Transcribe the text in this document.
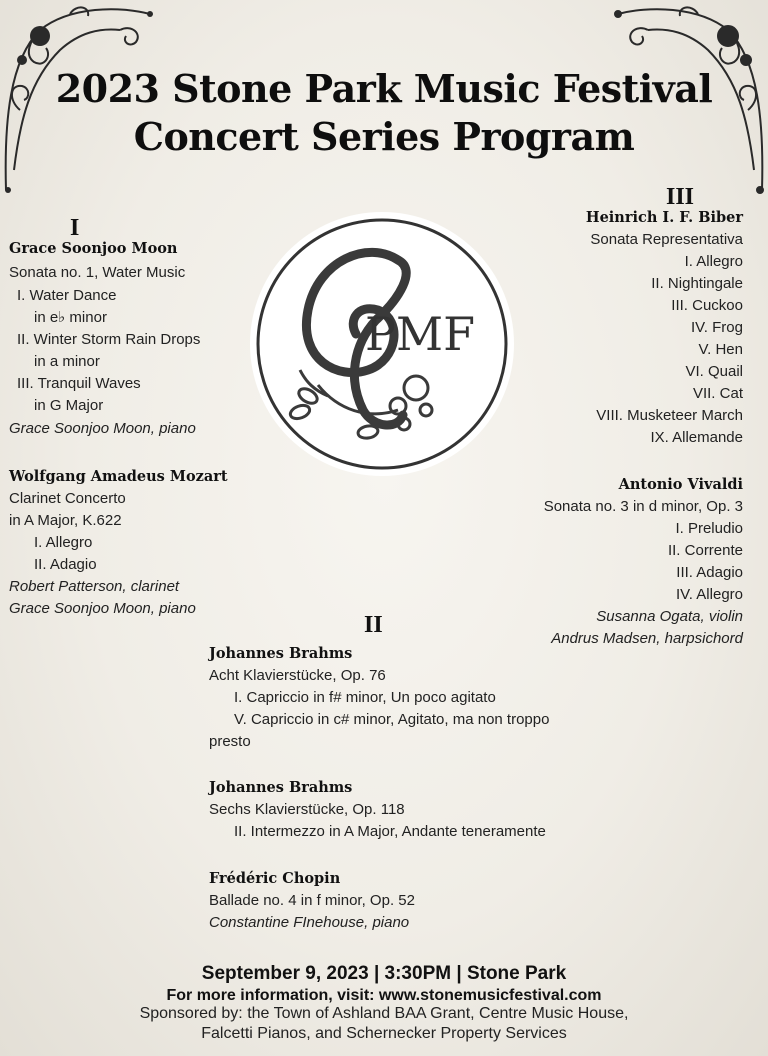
2023 Stone Park Music Festival
Concert Series Program
PMF
I
Grace Soonjoo Moon
Sonata no. 1, Water Music
I. Water Dance
in e♭ minor
II. Winter Storm Rain Drops
in a minor
III. Tranquil Waves
in G Major
Grace Soonjoo Moon, piano
Wolfgang Amadeus Mozart
Clarinet Concerto
in A Major, K.622
I. Allegro
II. Adagio
Robert Patterson, clarinet
Grace Soonjoo Moon, piano
III
Heinrich I. F. Biber
Sonata Representativa
I. Allegro
II. Nightingale
III. Cuckoo
IV. Frog
V. Hen
VI. Quail
VII. Cat
VIII. Musketeer March
IX. Allemande
Antonio Vivaldi
Sonata no. 3 in d minor, Op. 3
I. Preludio
II. Corrente
III. Adagio
IV. Allegro
Susanna Ogata, violin
Andrus Madsen, harpsichord
II
Johannes Brahms
Acht Klavierstücke, Op. 76
I. Capriccio in f# minor, Un poco agitato
V. Capriccio in c# minor, Agitato, ma non troppo
presto
Johannes Brahms
Sechs Klavierstücke, Op. 118
II. Intermezzo in A Major, Andante teneramente
Frédéric Chopin
Ballade no. 4 in f minor, Op. 52
Constantine FInehouse, piano
September 9, 2023 | 3:30PM | Stone Park
For more information, visit: www.stonemusicfestival.com
Sponsored by: the Town of Ashland BAA Grant, Centre Music House,
Falcetti Pianos, and Schernecker Property Services
